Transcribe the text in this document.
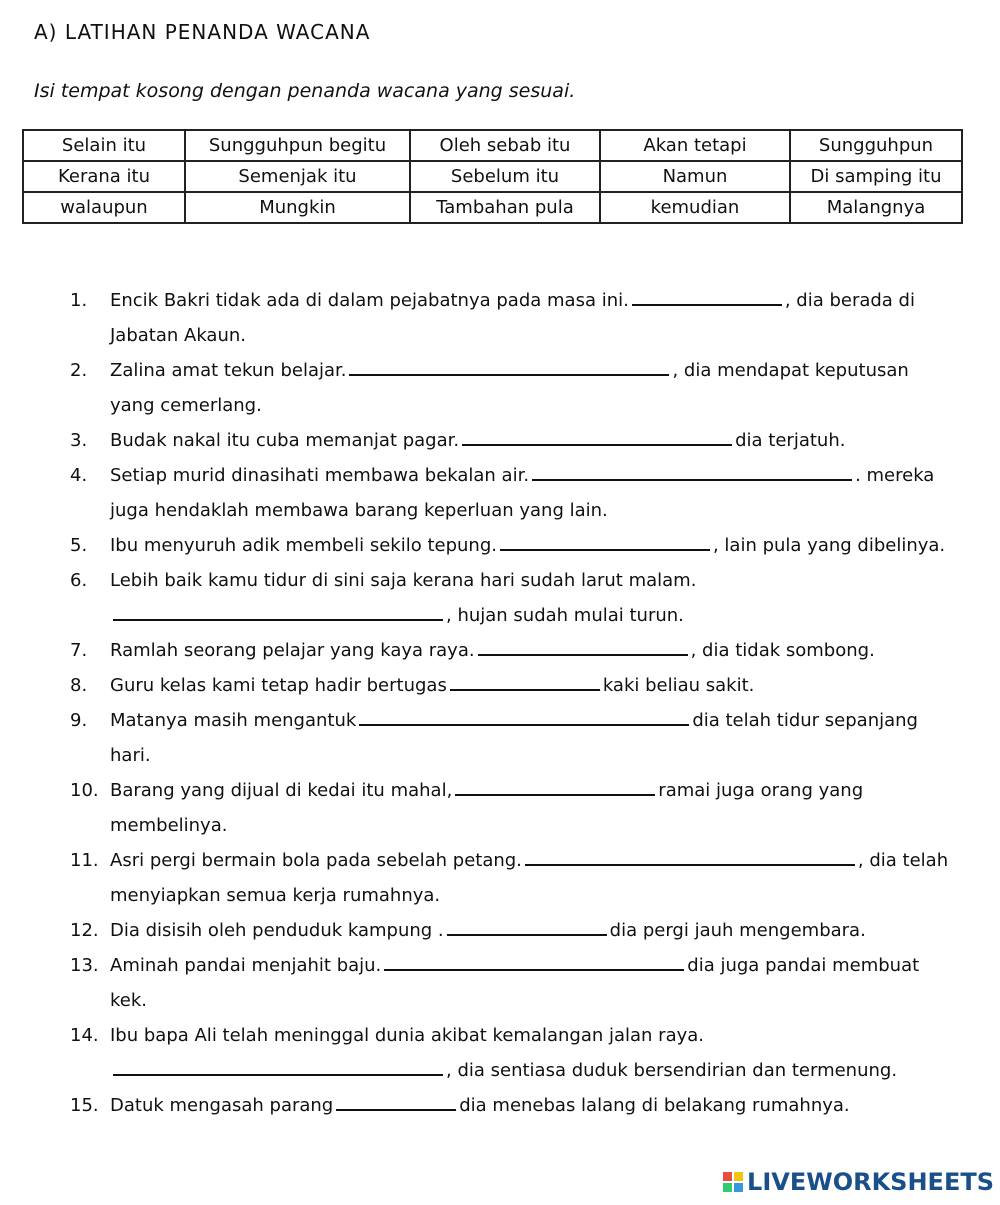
A) LATIHAN PENANDA WACANA
Isi tempat kosong dengan penanda wacana yang sesuai.
Selain itu	Sungguhpun begitu	Oleh sebab itu	Akan tetapi	Sungguhpun
Kerana itu	Semenjak itu	Sebelum itu	Namun	Di samping itu
walaupun	Mungkin	Tambahan pula	kemudian	Malangnya
1. Encik Bakri tidak ada di dalam pejabatnya pada masa ini.	, dia berada di Jabatan Akaun.
2. Zalina amat tekun belajar.	, dia mendapat keputusan yang cemerlang.
3. Budak nakal itu cuba memanjat pagar.	dia terjatuh.
4. Setiap murid dinasihati membawa bekalan air.	. mereka juga hendaklah membawa barang keperluan yang lain.
5. Ibu menyuruh adik membeli sekilo tepung.	, lain pula yang dibelinya.
6. Lebih baik kamu tidur di sini saja kerana hari sudah larut malam., hujan sudah mulai turun.
7. Ramlah seorang pelajar yang kaya raya.	, dia tidak sombong.
8. Guru kelas kami tetap hadir bertugas	kaki beliau sakit.
9. Matanya masih mengantuk	dia telah tidur sepanjang hari.
10. Barang yang dijual di kedai itu mahal,	ramai juga orang yang membelinya.
11. Asri pergi bermain bola pada sebelah petang.	, dia telah menyiapkan semua kerja rumahnya.
12. Dia disisih oleh penduduk kampung .	dia pergi jauh mengembara.
13. Aminah pandai menjahit baju.	dia juga pandai membuat kek.
14. Ibu bapa Ali telah meninggal dunia akibat kemalangan jalan raya., dia sentiasa duduk bersendirian dan termenung.
15. Datuk mengasah parang	dia menebas lalang di belakang rumahnya.
LIVEWORKSHEETS
